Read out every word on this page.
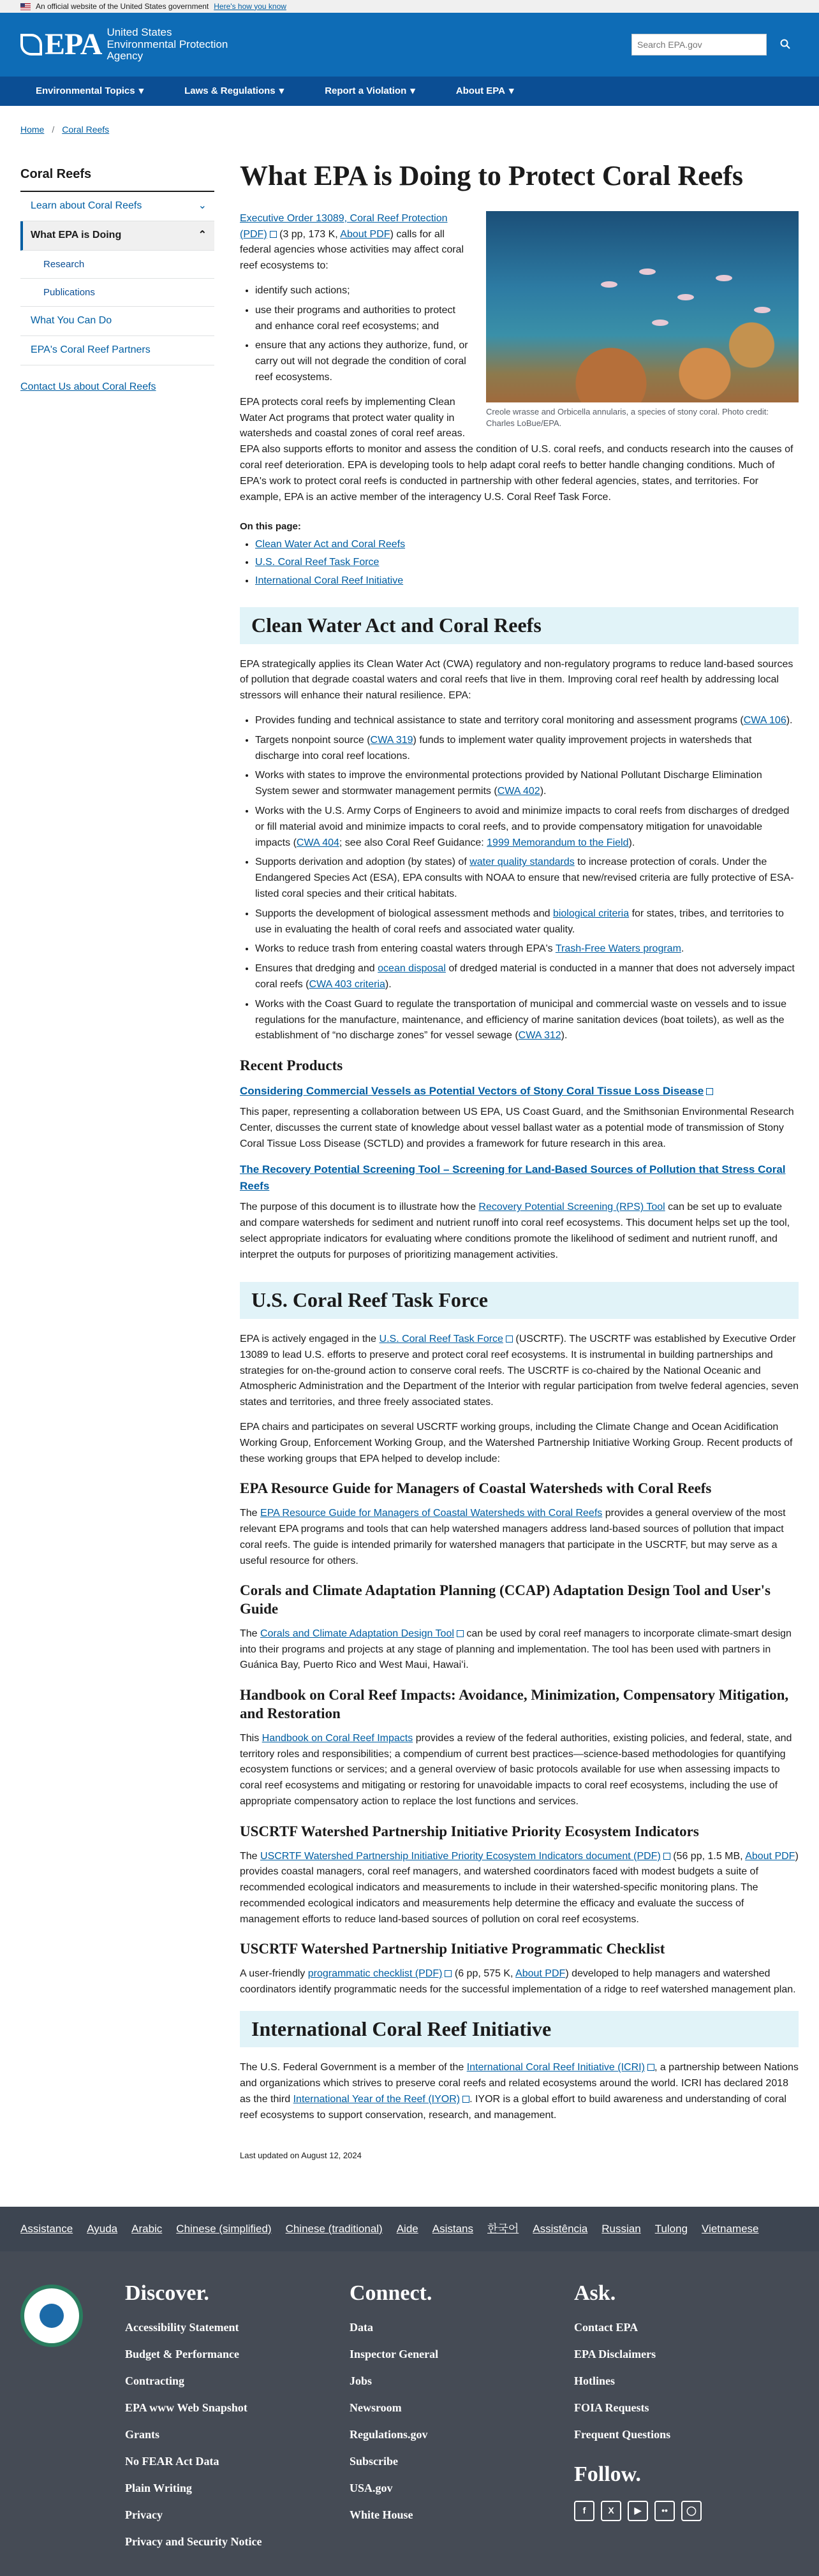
An official website of the United States government Here's how you know
EPA United States
Environmental Protection
Agency
Search EPA.gov
Environmental Topics ▾	Laws & Regulations ▾	Report a Violation ▾	About EPA ▾
Home / Coral Reefs
Coral Reefs
Learn about Coral Reefs	⌄
What EPA is Doing	⌃
Research
Publications
What You Can Do
EPA's Coral Reef Partners
Contact Us about Coral Reefs
What EPA is Doing to Protect Coral Reefs
Creole wrasse and Orbicella annularis, a species of stony coral. Photo credit: Charles LoBue/EPA.

Executive Order 13089, Coral Reef Protection (PDF) (3 pp, 173 K, About PDF) calls for all federal agencies whose activities may affect coral reef ecosystems to:

• identify such actions;
• use their programs and authorities to protect and enhance coral reef ecosystems; and
• ensure that any actions they authorize, fund, or carry out will not degrade the condition of coral reef ecosystems.

EPA protects coral reefs by implementing Clean Water Act programs that protect water quality in watersheds and coastal zones of coral reef areas. EPA also supports efforts to monitor and assess the condition of U.S. coral reefs, and conducts research into the causes of coral reef deterioration. EPA is developing tools to help adapt coral reefs to better handle changing conditions. Much of EPA's work to protect coral reefs is conducted in partnership with other federal agencies, states, and territories. For example, EPA is an active member of the interagency U.S. Coral Reef Task Force.

On this page:
• Clean Water Act and Coral Reefs
• U.S. Coral Reef Task Force
• International Coral Reef Initiative
Clean Water Act and Coral Reefs

EPA strategically applies its Clean Water Act (CWA) regulatory and non-regulatory programs to reduce land-based sources of pollution that degrade coastal waters and coral reefs that live in them. Improving coral reef health by addressing local stressors will enhance their natural resilience. EPA:

• Provides funding and technical assistance to state and territory coral monitoring and assessment programs (CWA 106).
• Targets nonpoint source (CWA 319) funds to implement water quality improvement projects in watersheds that discharge into coral reef locations.
• Works with states to improve the environmental protections provided by National Pollutant Discharge Elimination System sewer and stormwater management permits (CWA 402).
• Works with the U.S. Army Corps of Engineers to avoid and minimize impacts to coral reefs from discharges of dredged or fill material avoid and minimize impacts to coral reefs, and to provide compensatory mitigation for unavoidable impacts (CWA 404; see also Coral Reef Guidance: 1999 Memorandum to the Field).
• Supports derivation and adoption (by states) of water quality standards to increase protection of corals. Under the Endangered Species Act (ESA), EPA consults with NOAA to ensure that new/revised criteria are fully protective of ESA-listed coral species and their critical habitats.
• Supports the development of biological assessment methods and biological criteria for states, tribes, and territories to use in evaluating the health of coral reefs and associated water quality.
• Works to reduce trash from entering coastal waters through EPA's Trash-Free Waters program.
• Ensures that dredging and ocean disposal of dredged material is conducted in a manner that does not adversely impact coral reefs (CWA 403 criteria).
• Works with the Coast Guard to regulate the transportation of municipal and commercial waste on vessels and to issue regulations for the manufacture, maintenance, and efficiency of marine sanitation devices (boat toilets), as well as the establishment of “no discharge zones” for vessel sewage (CWA 312).
Recent Products
Considering Commercial Vessels as Potential Vectors of Stony Coral Tissue Loss Disease

This paper, representing a collaboration between US EPA, US Coast Guard, and the Smithsonian Environmental Research Center, discusses the current state of knowledge about vessel ballast water as a potential mode of transmission of Stony Coral Tissue Loss Disease (SCTLD) and provides a framework for future research in this area.

The Recovery Potential Screening Tool – Screening for Land-Based Sources of Pollution that Stress Coral Reefs

The purpose of this document is to illustrate how the Recovery Potential Screening (RPS) Tool can be set up to evaluate and compare watersheds for sediment and nutrient runoff into coral reef ecosystems. This document helps set up the tool, select appropriate indicators for evaluating where conditions promote the likelihood of sediment and nutrient runoff, and interpret the outputs for purposes of prioritizing management activities.

U.S. Coral Reef Task Force

EPA is actively engaged in the U.S. Coral Reef Task Force (USCRTF). The USCRTF was established by Executive Order 13089 to lead U.S. efforts to preserve and protect coral reef ecosystems. It is instrumental in building partnerships and strategies for on-the-ground action to conserve coral reefs. The USCRTF is co-chaired by the National Oceanic and Atmospheric Administration and the Department of the Interior with regular participation from twelve federal agencies, seven states and territories, and three freely associated states.

EPA chairs and participates on several USCRTF working groups, including the Climate Change and Ocean Acidification Working Group, Enforcement Working Group, and the Watershed Partnership Initiative Working Group. Recent products of these working groups that EPA helped to develop include:

EPA Resource Guide for Managers of Coastal Watersheds with Coral Reefs

The EPA Resource Guide for Managers of Coastal Watersheds with Coral Reefs provides a general overview of the most relevant EPA programs and tools that can help watershed managers address land-based sources of pollution that impact coral reefs. The guide is intended primarily for watershed managers that participate in the USCRTF, but may serve as a useful resource for others.

Corals and Climate Adaptation Planning (CCAP) Adaptation Design Tool and User's Guide

The Corals and Climate Adaptation Design Tool can be used by coral reef managers to incorporate climate-smart design into their programs and projects at any stage of planning and implementation. The tool has been used with partners in Guánica Bay, Puerto Rico and West Maui, Hawaiʻi.

Handbook on Coral Reef Impacts: Avoidance, Minimization, Compensatory Mitigation, and Restoration

This Handbook on Coral Reef Impacts provides a review of the federal authorities, existing policies, and federal, state, and territory roles and responsibilities; a compendium of current best practices—science-based methodologies for quantifying ecosystem functions or services; and a general overview of basic protocols available for use when assessing impacts to coral reef ecosystems and mitigating or restoring for unavoidable impacts to coral reef ecosystems, including the use of appropriate compensatory action to replace the lost functions and services.

USCRTF Watershed Partnership Initiative Priority Ecosystem Indicators

The USCRTF Watershed Partnership Initiative Priority Ecosystem Indicators document (PDF) (56 pp, 1.5 MB, About PDF) provides coastal managers, coral reef managers, and watershed coordinators faced with modest budgets a suite of recommended ecological indicators and measurements to include in their watershed-specific monitoring plans. The recommended ecological indicators and measurements help determine the efficacy and evaluate the success of management efforts to reduce land-based sources of pollution on coral reef ecosystems.

USCRTF Watershed Partnership Initiative Programmatic Checklist

A user-friendly programmatic checklist (PDF) (6 pp, 575 K, About PDF) developed to help managers and watershed coordinators identify programmatic needs for the successful implementation of a ridge to reef watershed management plan.

International Coral Reef Initiative

The U.S. Federal Government is a member of the International Coral Reef Initiative (ICRI) , a partnership between Nations and organizations which strives to preserve coral reefs and related ecosystems around the world. ICRI has declared 2018 as the third International Year of the Reef (IYOR) . IYOR is a global effort to build awareness and understanding of coral reef ecosystems to support conservation, research, and management.

Last updated on August 12, 2024
Assistance Ayuda Arabic Chinese (simplified) Chinese (traditional) Aide Asistans 한국어 Assistência Russian Tulong Vietnamese
Discover.
Accessibility Statement
Budget & Performance
Contracting
EPA www Web Snapshot
Grants
No FEAR Act Data
Plain Writing
Privacy
Privacy and Security Notice
Connect.
Data
Inspector General
Jobs
Newsroom
Regulations.gov
Subscribe
USA.gov
White House
Ask.
Contact EPA
EPA Disclaimers
Hotlines
FOIA Requests
Frequent Questions
Follow.
f	X	▶	••	◯
